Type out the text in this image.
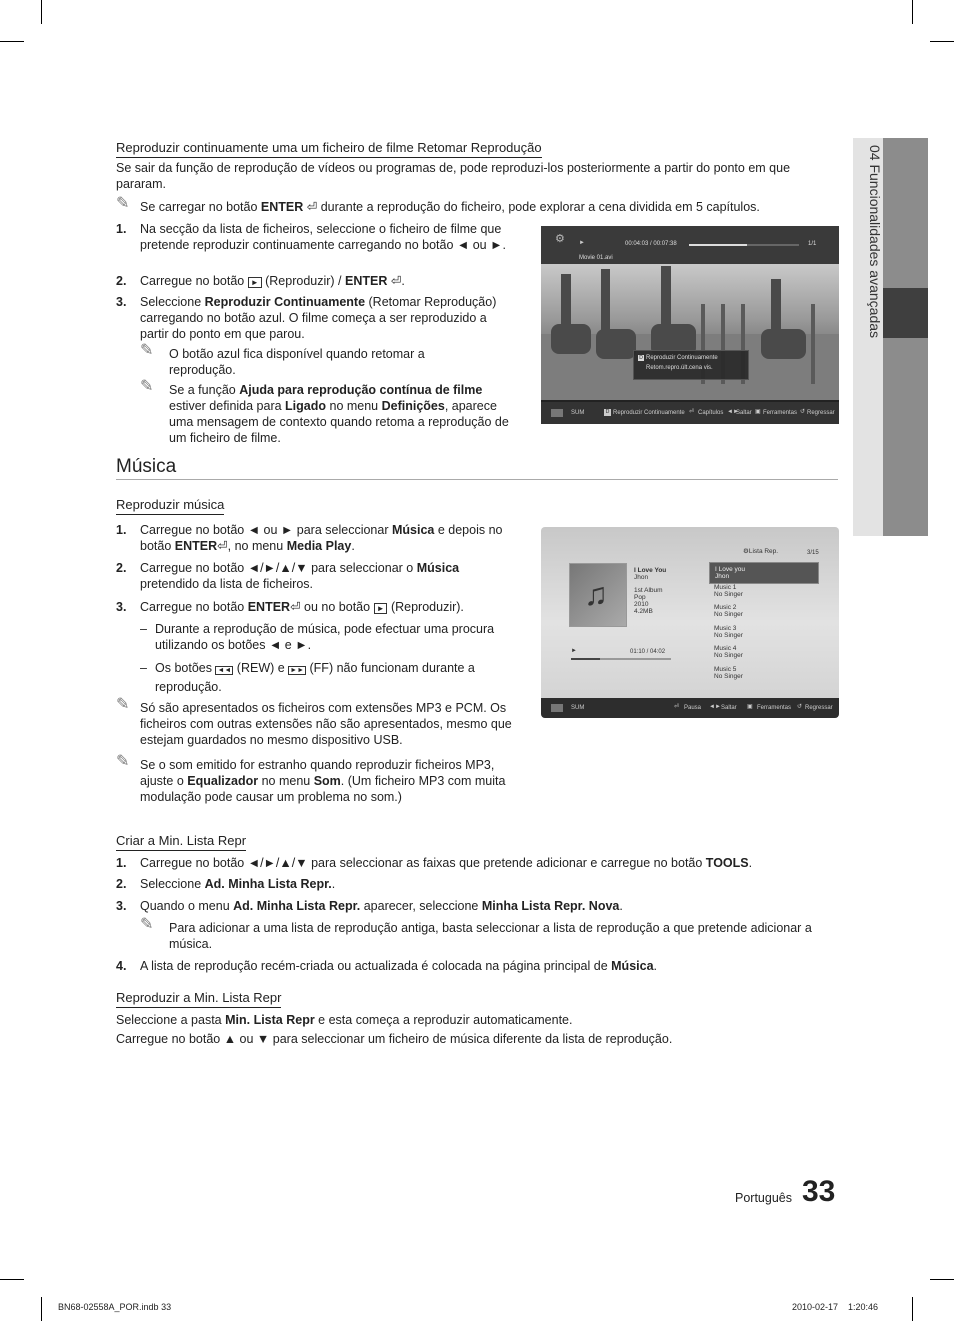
04 Funcionalidades avançadas
Reproduzir continuamente uma um ficheiro de filme Retomar Reprodução
Se sair da função de reprodução de vídeos ou programas de, pode reproduzi-los posteriormente a partir do ponto em que pararam.
✎ Se carregar no botão ENTER ⏎ durante a reprodução do ficheiro, pode explorar a cena dividida em 5 capítulos.
1.	Na secção da lista de ficheiros, seleccione o ficheiro de filme que pretende reproduzir continuamente carregando no botão ◄ ou ►.
2.	Carregue no botão ► (Reproduzir) / ENTER ⏎.
3.	Seleccione Reproduzir Continuamente (Retomar Reprodução) carregando no botão azul. O filme começa a ser reproduzido a partir do ponto em que parou.
✎ O botão azul fica disponível quando retomar a reprodução.
✎ Se a função Ajuda para reprodução contínua de filme estiver definida para Ligado no menu Definições, aparece uma mensagem de contexto quando retoma a reprodução de um ficheiro de filme.
⚙ ►	00:04:03 / 00:07:38	1/1
Movie 01.avi
D Reproduzir Continuamente
Retom.repro.últ.cena vis.
SUM	D Reproduzir Continuamente ⏎ Capítulos ◄►
Saltar ▣ Ferramentas ↺ Regressar
Música
Reproduzir música
1.	Carregue no botão ◄ ou ► para seleccionar Música e depois no botão ENTER⏎, no menu Media Play.
2.	Carregue no botão ◄/►/▲/▼ para seleccionar o Música pretendido da lista de ficheiros.
3.	Carregue no botão ENTER⏎ ou no botão ► (Reproduzir).
– Durante a reprodução de música, pode efectuar uma procura utilizando os botões ◄ e ►.
– Os botões ◄◄ (REW) e ►► (FF) não funcionam durante a reprodução.
✎ Só são apresentados os ficheiros com extensões MP3 e PCM. Os ficheiros com outras extensões não são apresentados, mesmo que estejam guardados no mesmo dispositivo USB.
✎ Se o som emitido for estranho quando reproduzir ficheiros MP3, ajuste o Equalizador no menu Som. (Um ficheiro MP3 com muita modulação pode causar um problema no som.)
♫
I Love You
Jhon
1st Album
Pop
2010
4.2MB
►	01:10 / 04:02
⚙Lista Rep.	3/15
I Love you
Jhon
Music 1
No Singer
Music 2
No Singer
Music 3
No Singer
Music 4
No Singer
Music 5
No Singer
SUM	⏎ Pausa ◄► Saltar ▣ Ferramentas ↺ Regressar
Criar a Min. Lista Repr
1.	Carregue no botão ◄/►/▲/▼ para seleccionar as faixas que pretende adicionar e carregue no botão TOOLS.
2.	Seleccione Ad. Minha Lista Repr..
3.	Quando o menu Ad. Minha Lista Repr. aparecer, seleccione Minha Lista Repr. Nova.
✎ Para adicionar a uma lista de reprodução antiga, basta seleccionar a lista de reprodução a que pretende adicionar a música.
4.	A lista de reprodução recém-criada ou actualizada é colocada na página principal de Música.
Reproduzir a Min. Lista Repr
Seleccione a pasta Min. Lista Repr e esta começa a reproduzir automaticamente.
Carregue no botão ▲ ou ▼ para seleccionar um ficheiro de música diferente da lista de reprodução.
Português 33
BN68-02558A_POR.indb 33	2010-02-17    1:20:46
